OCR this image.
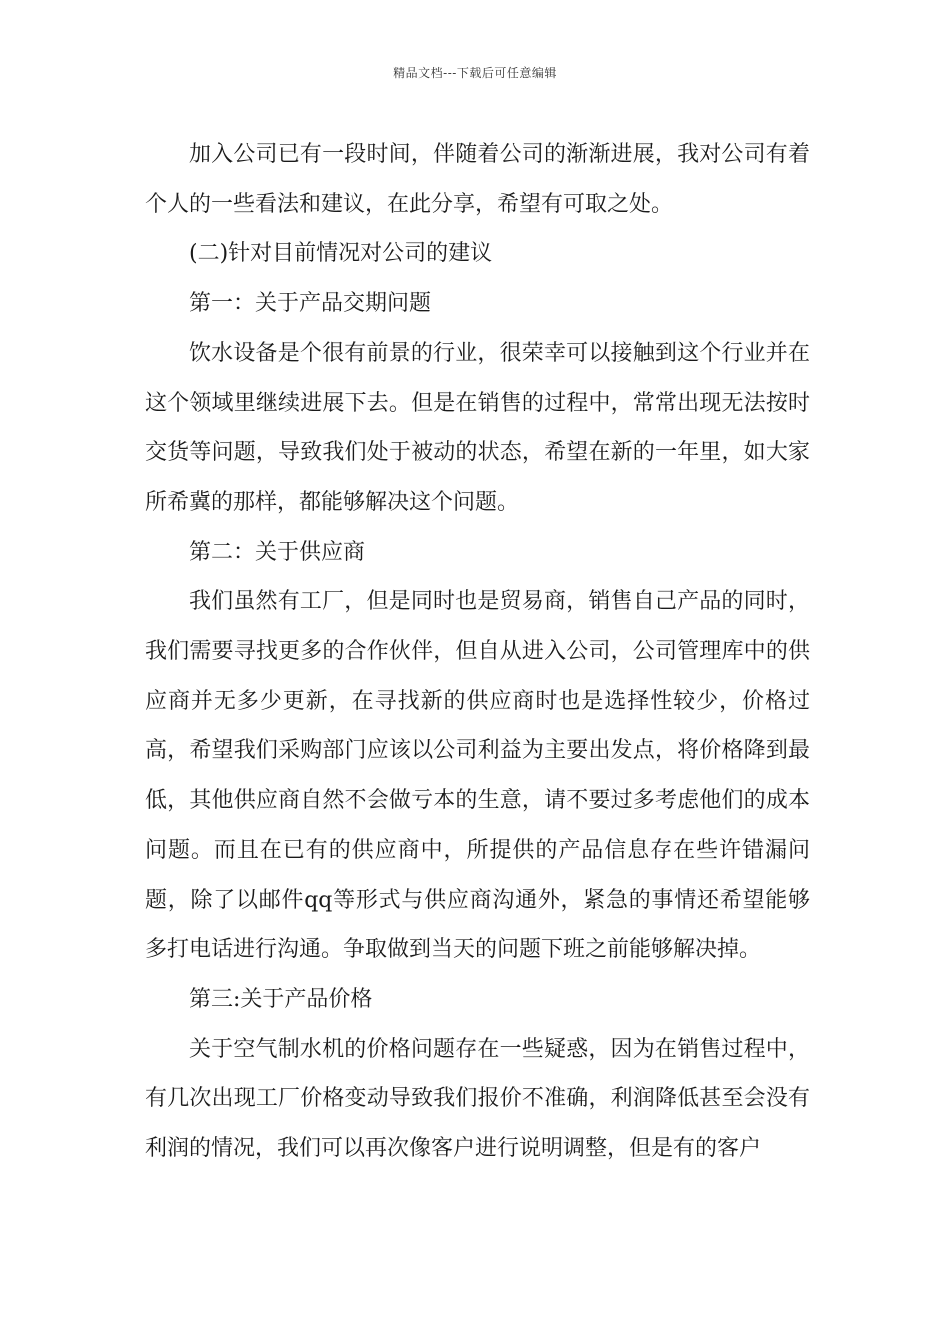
精品文档---下载后可任意编辑

加入公司已有一段时间，伴随着公司的渐渐进展，我对公司有着个人的一些看法和建议，在此分享，希望有可取之处。

(二)针对目前情况对公司的建议

第一：关于产品交期问题

饮水设备是个很有前景的行业，很荣幸可以接触到这个行业并在这个领域里继续进展下去。但是在销售的过程中，常常出现无法按时交货等问题，导致我们处于被动的状态，希望在新的一年里，如大家所希冀的那样，都能够解决这个问题。

第二：关于供应商

我们虽然有工厂，但是同时也是贸易商，销售自己产品的同时，我们需要寻找更多的合作伙伴，但自从进入公司，公司管理库中的供应商并无多少更新，在寻找新的供应商时也是选择性较少，价格过高，希望我们采购部门应该以公司利益为主要出发点，将价格降到最低，其他供应商自然不会做亏本的生意，请不要过多考虑他们的成本问题。而且在已有的供应商中，所提供的产品信息存在些许错漏问题，除了以邮件qq等形式与供应商沟通外，紧急的事情还希望能够多打电话进行沟通。争取做到当天的问题下班之前能够解决掉。

第三:关于产品价格

关于空气制水机的价格问题存在一些疑惑，因为在销售过程中，有几次出现工厂价格变动导致我们报价不准确，利润降低甚至会没有利润的情况，我们可以再次像客户进行说明调整，但是有的客户
